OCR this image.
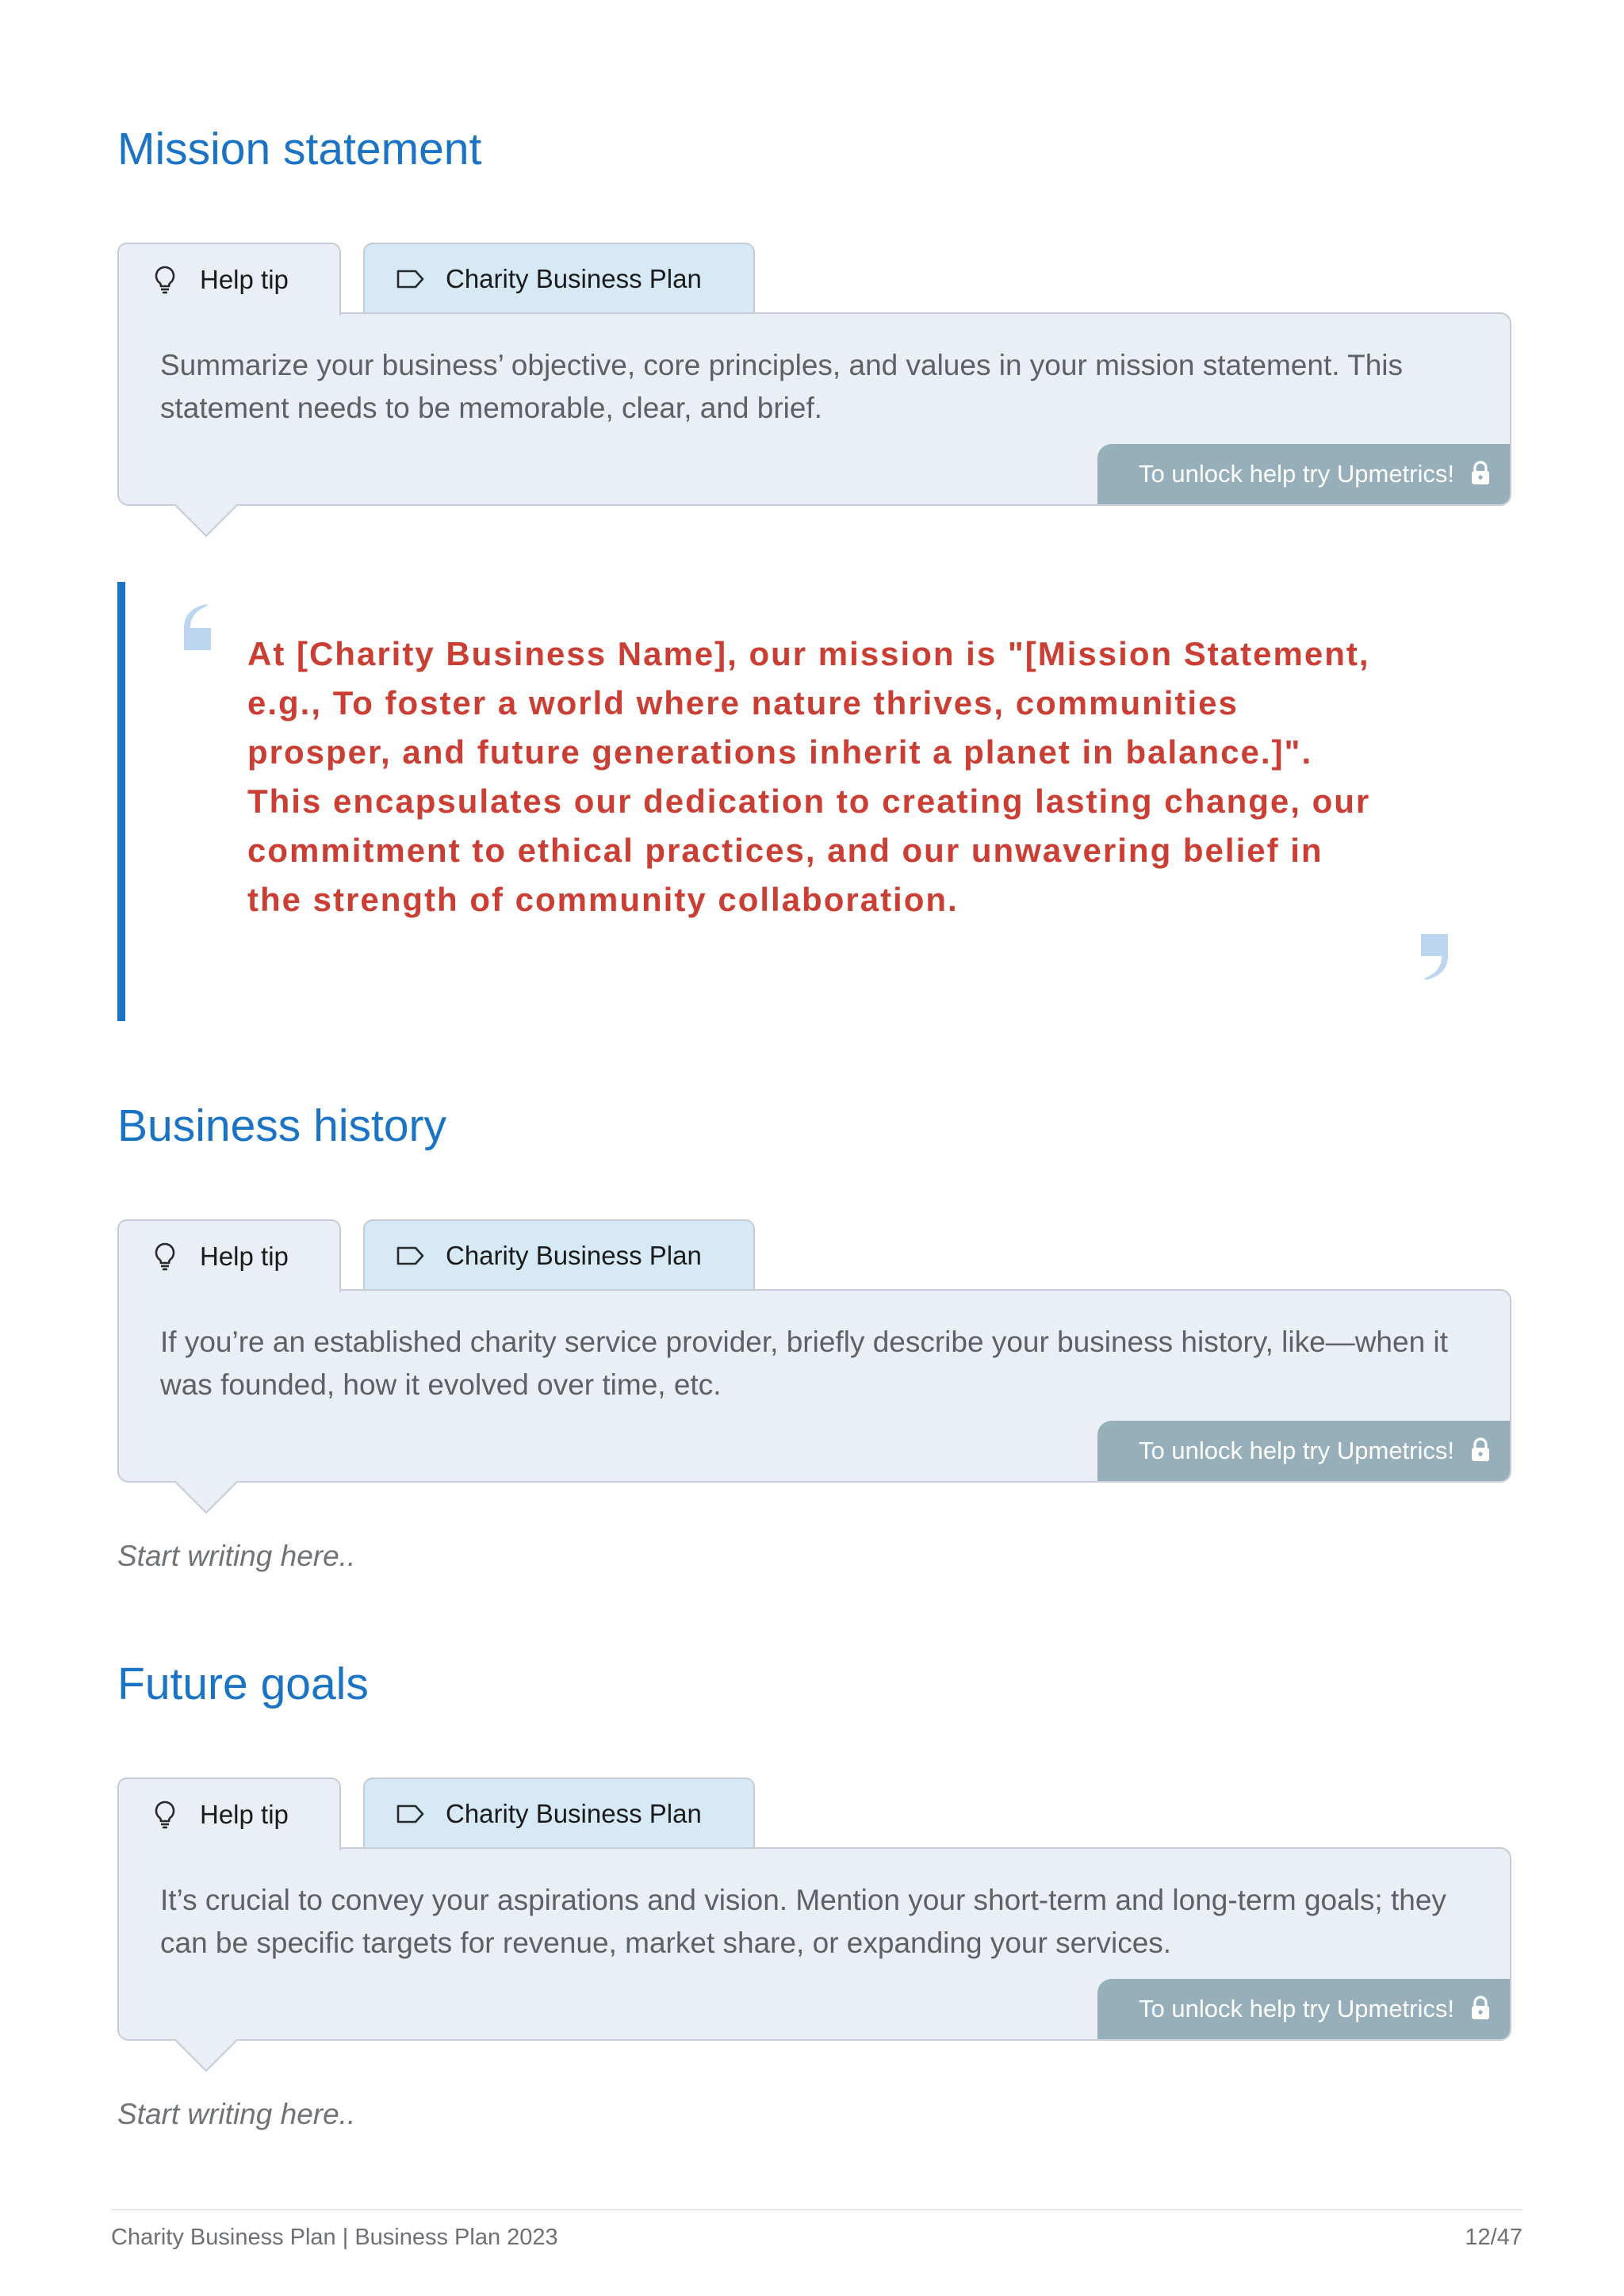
Mission statement
Help tip	Charity Business Plan

Summarize your business’ objective, core principles, and values in your mission statement. This statement needs to be memorable, clear, and brief.

To unlock help try Upmetrics!

At [Charity Business Name], our mission is "[Mission Statement, e.g., To foster a world where nature thrives, communities prosper, and future generations inherit a planet in balance.]". This encapsulates our dedication to creating lasting change, our commitment to ethical practices, and our unwavering belief in the strength of community collaboration.

Business history
Help tip	Charity Business Plan

If you’re an established charity service provider, briefly describe your business history, like—when it was founded, how it evolved over time, etc.

To unlock help try Upmetrics!

Start writing here..

Future goals
Help tip	Charity Business Plan

It’s crucial to convey your aspirations and vision. Mention your short-term and long-term goals; they can be specific targets for revenue, market share, or expanding your services.

To unlock help try Upmetrics!

Start writing here..

Charity Business Plan | Business Plan 2023	12/47
